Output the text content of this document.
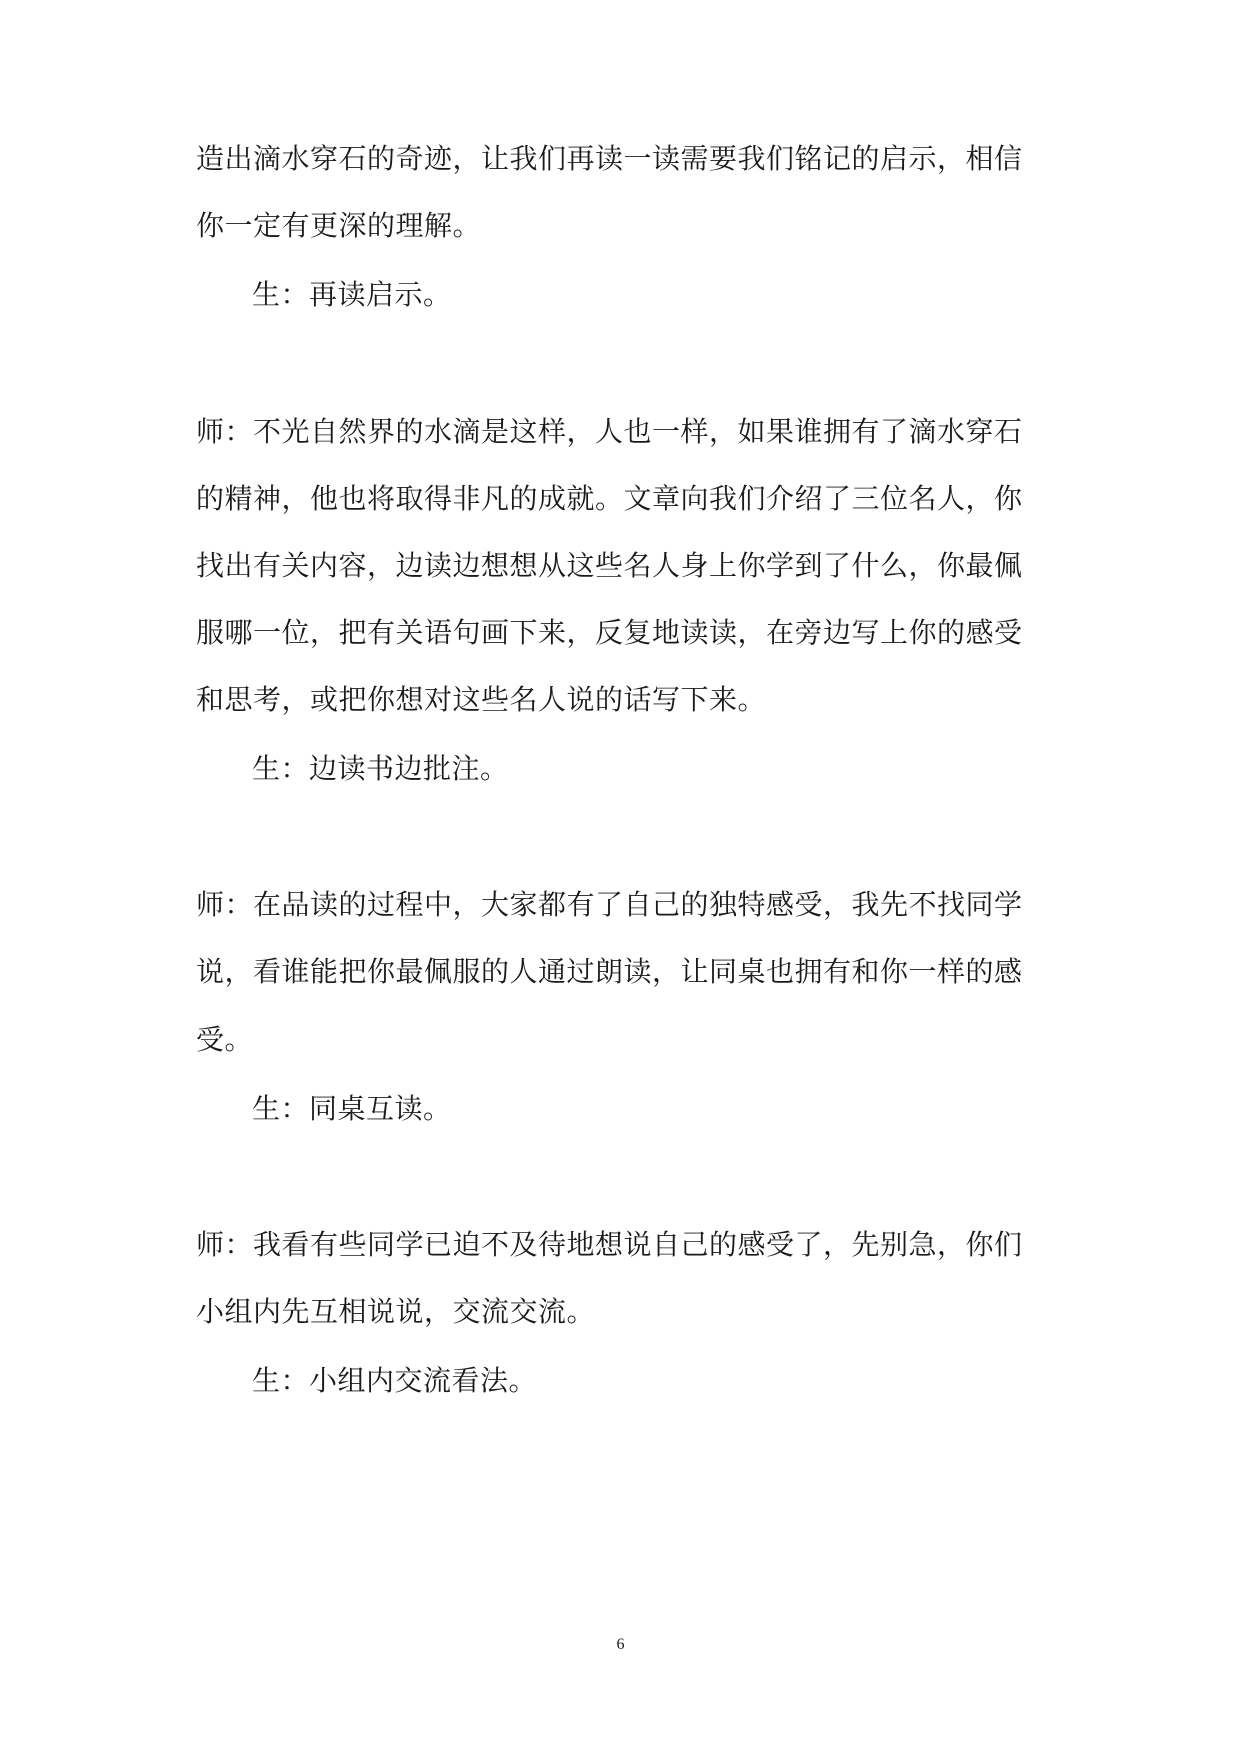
造出滴水穿石的奇迹，让我们再读一读需要我们铭记的启示，相信
你一定有更深的理解。
生：再读启示。
师：不光自然界的水滴是这样，人也一样，如果谁拥有了滴水穿石
的精神，他也将取得非凡的成就。文章向我们介绍了三位名人，你
找出有关内容，边读边想想从这些名人身上你学到了什么，你最佩
服哪一位，把有关语句画下来，反复地读读，在旁边写上你的感受
和思考，或把你想对这些名人说的话写下来。
生：边读书边批注。
师：在品读的过程中，大家都有了自己的独特感受，我先不找同学
说，看谁能把你最佩服的人通过朗读，让同桌也拥有和你一样的感
受。
生：同桌互读。
师：我看有些同学已迫不及待地想说自己的感受了，先别急，你们
小组内先互相说说，交流交流。
生：小组内交流看法。
6
